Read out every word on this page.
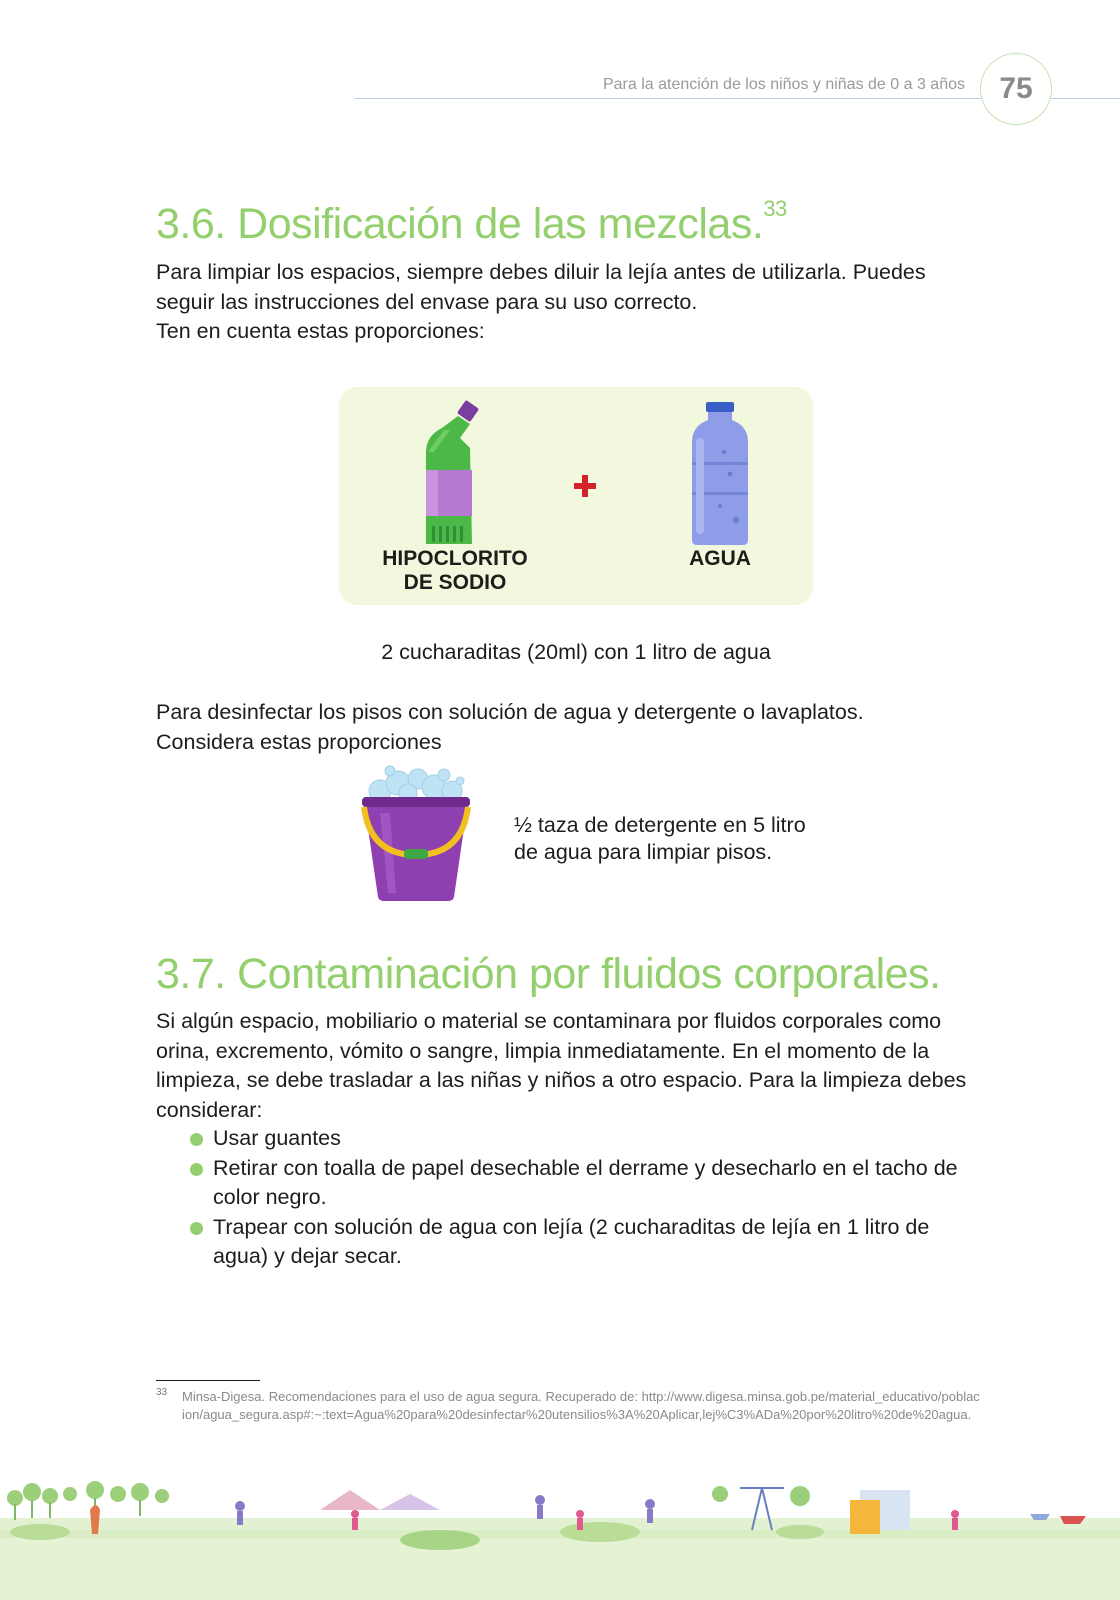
Para la atención de los niños y niñas de 0 a 3 años	75
3.6. Dosificación de las mezclas.$^{33}$

Para limpiar los espacios, siempre debes diluir la lejía antes de utilizarla. Puedes
seguir las instrucciones del envase para su uso correcto.
Ten en cuenta estas proporciones:

HIPOCLORITO
DE SODIO
AGUA
2 cucharaditas (20ml) con 1 litro de agua

Para desinfectar los pisos con solución de agua y detergente o lavaplatos.
Considera estas proporciones

½ taza de detergente en 5 litro
de agua para limpiar pisos.
3.7. Contaminación por fluidos corporales.

Si algún espacio, mobiliario o material se contaminara por fluidos corporales como
orina, excremento, vómito o sangre, limpia inmediatamente. En el momento de la
limpieza, se debe trasladar a las niñas y niños a otro espacio. Para la limpieza debes
considerar:

Usar guantes
Retirar con toalla de papel desechable el derrame y desecharlo en el tacho de color negro.
Trapear con solución de agua con lejía (2 cucharaditas de lejía en 1 litro de agua) y dejar secar.
33 Minsa-Digesa. Recomendaciones para el uso de agua segura. Recuperado de: http://www.digesa.minsa.gob.pe/material_educativo/poblacion/agua_segura.asp#:~:text=Agua%20para%20desinfectar%20utensilios%3A%20Aplicar,lej%C3%ADa%20por%20litro%20de%20agua.
